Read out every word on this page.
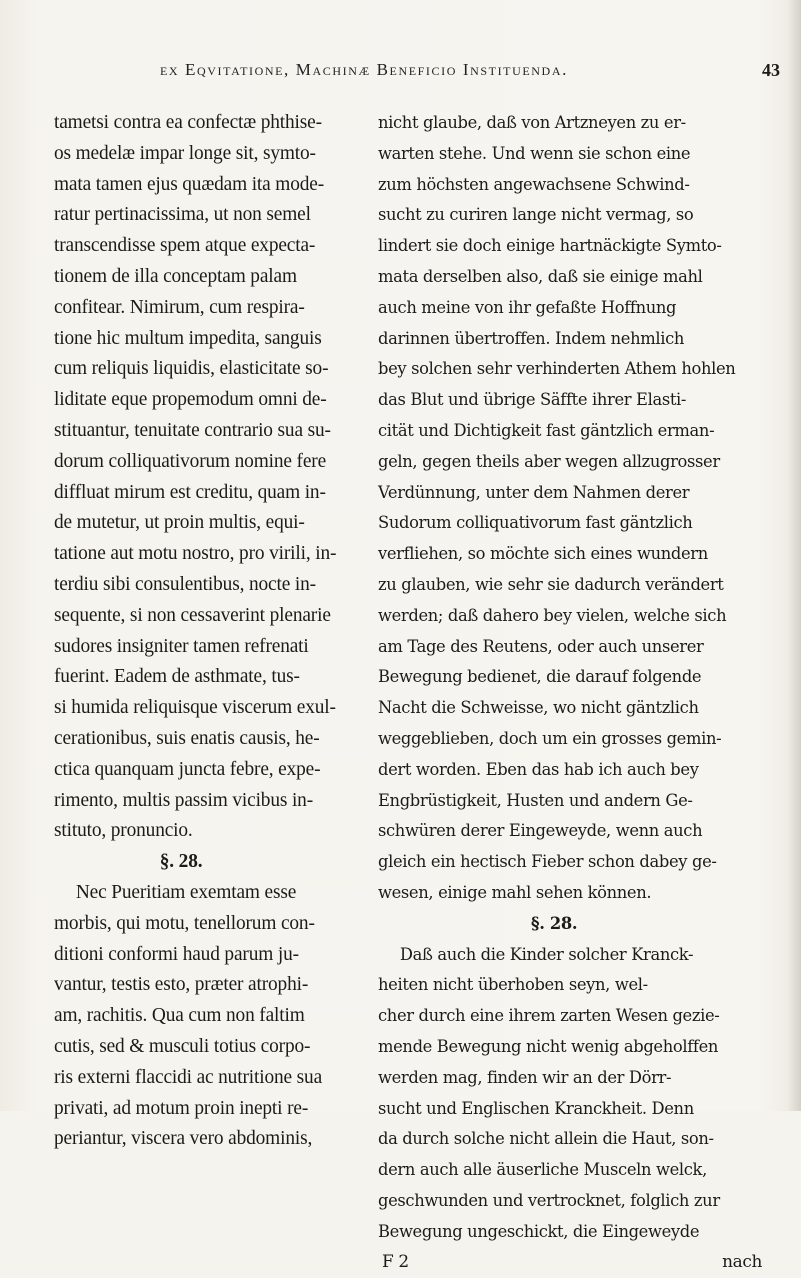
ex Eqvitatione, Machinæ Beneficio Instituenda.	43
tametsi contra ea confectæ phthise-
os medelæ impar longe sit, symto-
mata tamen ejus quædam ita mode-
ratur pertinacissima, ut non semel
transcendisse spem atque expecta-
tionem de illa conceptam palam
confitear. Nimirum, cum respira-
tione hic multum impedita, sanguis
cum reliquis liquidis, elasticitate so-
liditate eque propemodum omni de-
stituantur, tenuitate contrario sua su-
dorum colliquativorum nomine fere
diffluat mirum est creditu, quam in-
de mutetur, ut proin multis, equi-
tatione aut motu nostro, pro virili, in-
terdiu sibi consulentibus, nocte in-
sequente, si non cessaverint plenarie
sudores insigniter tamen refrenati
fuerint. Eadem de asthmate, tus-
si humida reliquisque viscerum exul-
cerationibus, suis enatis causis, he-
ctica quanquam juncta febre, expe-
rimento, multis passim vicibus in-
stituto, pronuncio.
§. 28.
Nec Pueritiam exemtam esse
morbis, qui motu, tenellorum con-
ditioni conformi haud parum ju-
vantur, testis esto, præter atrophi-
am, rachitis. Qua cum non faltim
cutis, sed & musculi totius corpo-
ris externi flaccidi ac nutritione sua
privati, ad motum proin inepti re-
periantur, viscera vero abdominis,
nicht glaube, daß von Artzneyen zu er-
warten stehe. Und wenn sie schon eine
zum höchsten angewachsene Schwind-
sucht zu curiren lange nicht vermag, so
lindert sie doch einige hartnäckigte Symto-
mata derselben also, daß sie einige mahl
auch meine von ihr gefaßte Hoffnung
darinnen übertroffen. Indem nehmlich
bey solchen sehr verhinderten Athem hohlen
das Blut und übrige Säffte ihrer Elasti-
cität und Dichtigkeit fast gäntzlich erman-
geln, gegen theils aber wegen allzugrosser
Verdünnung, unter dem Nahmen derer
Sudorum colliquativorum fast gäntzlich
verfliehen, so möchte sich eines wundern
zu glauben, wie sehr sie dadurch verändert
werden; daß dahero bey vielen, welche sich
am Tage des Reutens, oder auch unserer
Bewegung bedienet, die darauf folgende
Nacht die Schweisse, wo nicht gäntzlich
weggeblieben, doch um ein grosses gemin-
dert worden. Eben das hab ich auch bey
Engbrüstigkeit, Husten und andern Ge-
schwüren derer Eingeweyde, wenn auch
gleich ein hectisch Fieber schon dabey ge-
wesen, einige mahl sehen können.
§. 28.
Daß auch die Kinder solcher Kranck-
heiten nicht überhoben seyn, wel-
cher durch eine ihrem zarten Wesen gezie-
mende Bewegung nicht wenig abgeholffen
werden mag, finden wir an der Dörr-
sucht und Englischen Kranckheit. Denn
da durch solche nicht allein die Haut, son-
dern auch alle äuserliche Musceln welck,
geschwunden und vertrocknet, folglich zur
Bewegung ungeschickt, die Eingeweyde
F 2	nach
